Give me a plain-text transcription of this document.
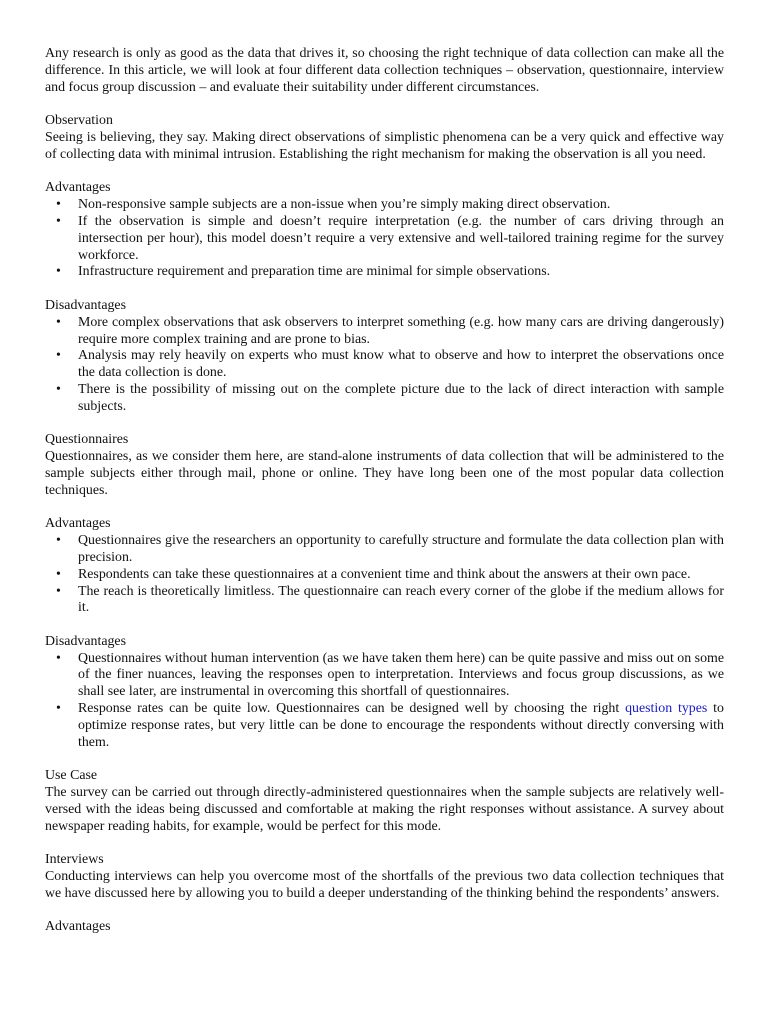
Any research is only as good as the data that drives it, so choosing the right technique of data collection can make all the difference. In this article, we will look at four different data collection techniques – observation, questionnaire, interview and focus group discussion – and evaluate their suitability under different circumstances.

Observation

Seeing is believing, they say. Making direct observations of simplistic phenomena can be a very quick and effective way of collecting data with minimal intrusion. Establishing the right mechanism for making the observation is all you need.

Advantages
• Non-responsive sample subjects are a non-issue when you’re simply making direct observation.
• If the observation is simple and doesn’t require interpretation (e.g. the number of cars driving through an intersection per hour), this model doesn’t require a very extensive and well-tailored training regime for the survey workforce.
• Infrastructure requirement and preparation time are minimal for simple observations.
Disadvantages
• More complex observations that ask observers to interpret something (e.g. how many cars are driving dangerously) require more complex training and are prone to bias.
• Analysis may rely heavily on experts who must know what to observe and how to interpret the observations once the data collection is done.
• There is the possibility of missing out on the complete picture due to the lack of direct interaction with sample subjects.
Questionnaires

Questionnaires, as we consider them here, are stand-alone instruments of data collection that will be administered to the sample subjects either through mail, phone or online. They have long been one of the most popular data collection techniques.

Advantages
• Questionnaires give the researchers an opportunity to carefully structure and formulate the data collection plan with precision.
• Respondents can take these questionnaires at a convenient time and think about the answers at their own pace.
• The reach is theoretically limitless. The questionnaire can reach every corner of the globe if the medium allows for it.
Disadvantages
• Questionnaires without human intervention (as we have taken them here) can be quite passive and miss out on some of the finer nuances, leaving the responses open to interpretation. Interviews and focus group discussions, as we shall see later, are instrumental in overcoming this shortfall of questionnaires.
• Response rates can be quite low. Questionnaires can be designed well by choosing the right question types to optimize response rates, but very little can be done to encourage the respondents without directly conversing with them.
Use Case

The survey can be carried out through directly-administered questionnaires when the sample subjects are relatively well-versed with the ideas being discussed and comfortable at making the right responses without assistance. A survey about newspaper reading habits, for example, would be perfect for this mode.

Interviews

Conducting interviews can help you overcome most of the shortfalls of the previous two data collection techniques that we have discussed here by allowing you to build a deeper understanding of the thinking behind the respondents’ answers.

Advantages
